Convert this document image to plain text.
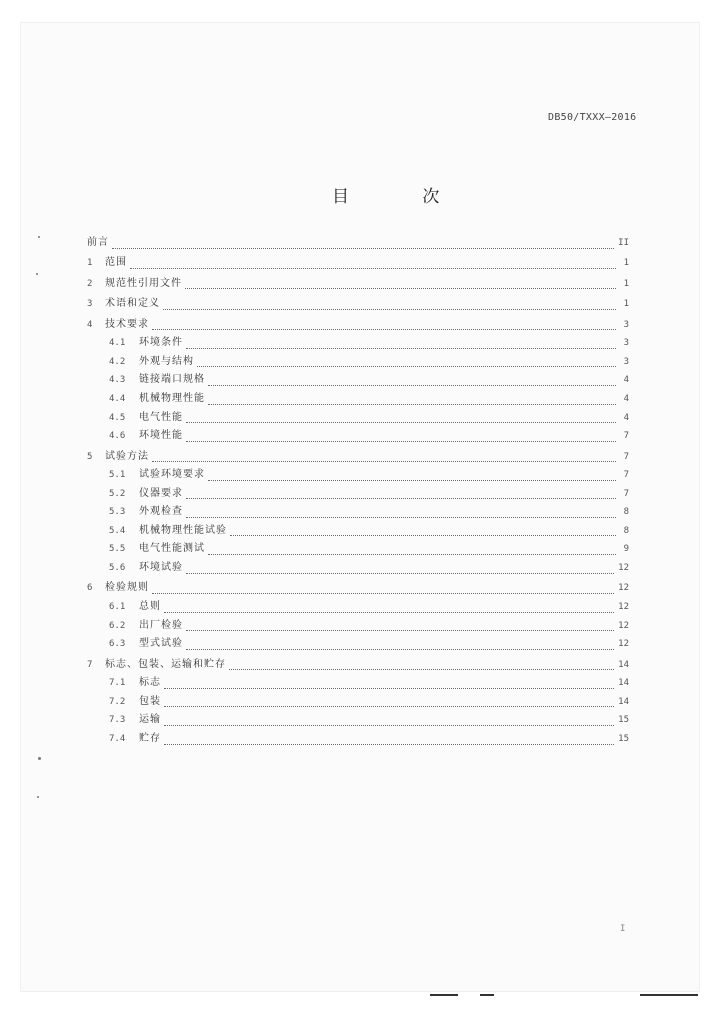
DB50/TXXX—2016
目 次
前言	II
1	范围	1
2	规范性引用文件	1
3	术语和定义	1
4	技术要求	3
4.1	环境条件	3
4.2	外观与结构	3
4.3	链接端口规格	4
4.4	机械物理性能	4
4.5	电气性能	4
4.6	环境性能	7
5	试验方法	7
5.1	试验环境要求	7
5.2	仪器要求	7
5.3	外观检查	8
5.4	机械物理性能试验	8
5.5	电气性能测试	9
5.6	环境试验	12
6	检验规则	12
6.1	总则	12
6.2	出厂检验	12
6.3	型式试验	12
7	标志、包装、运输和贮存	14
7.1	标志	14
7.2	包装	14
7.3	运输	15
7.4	贮存	15
I
